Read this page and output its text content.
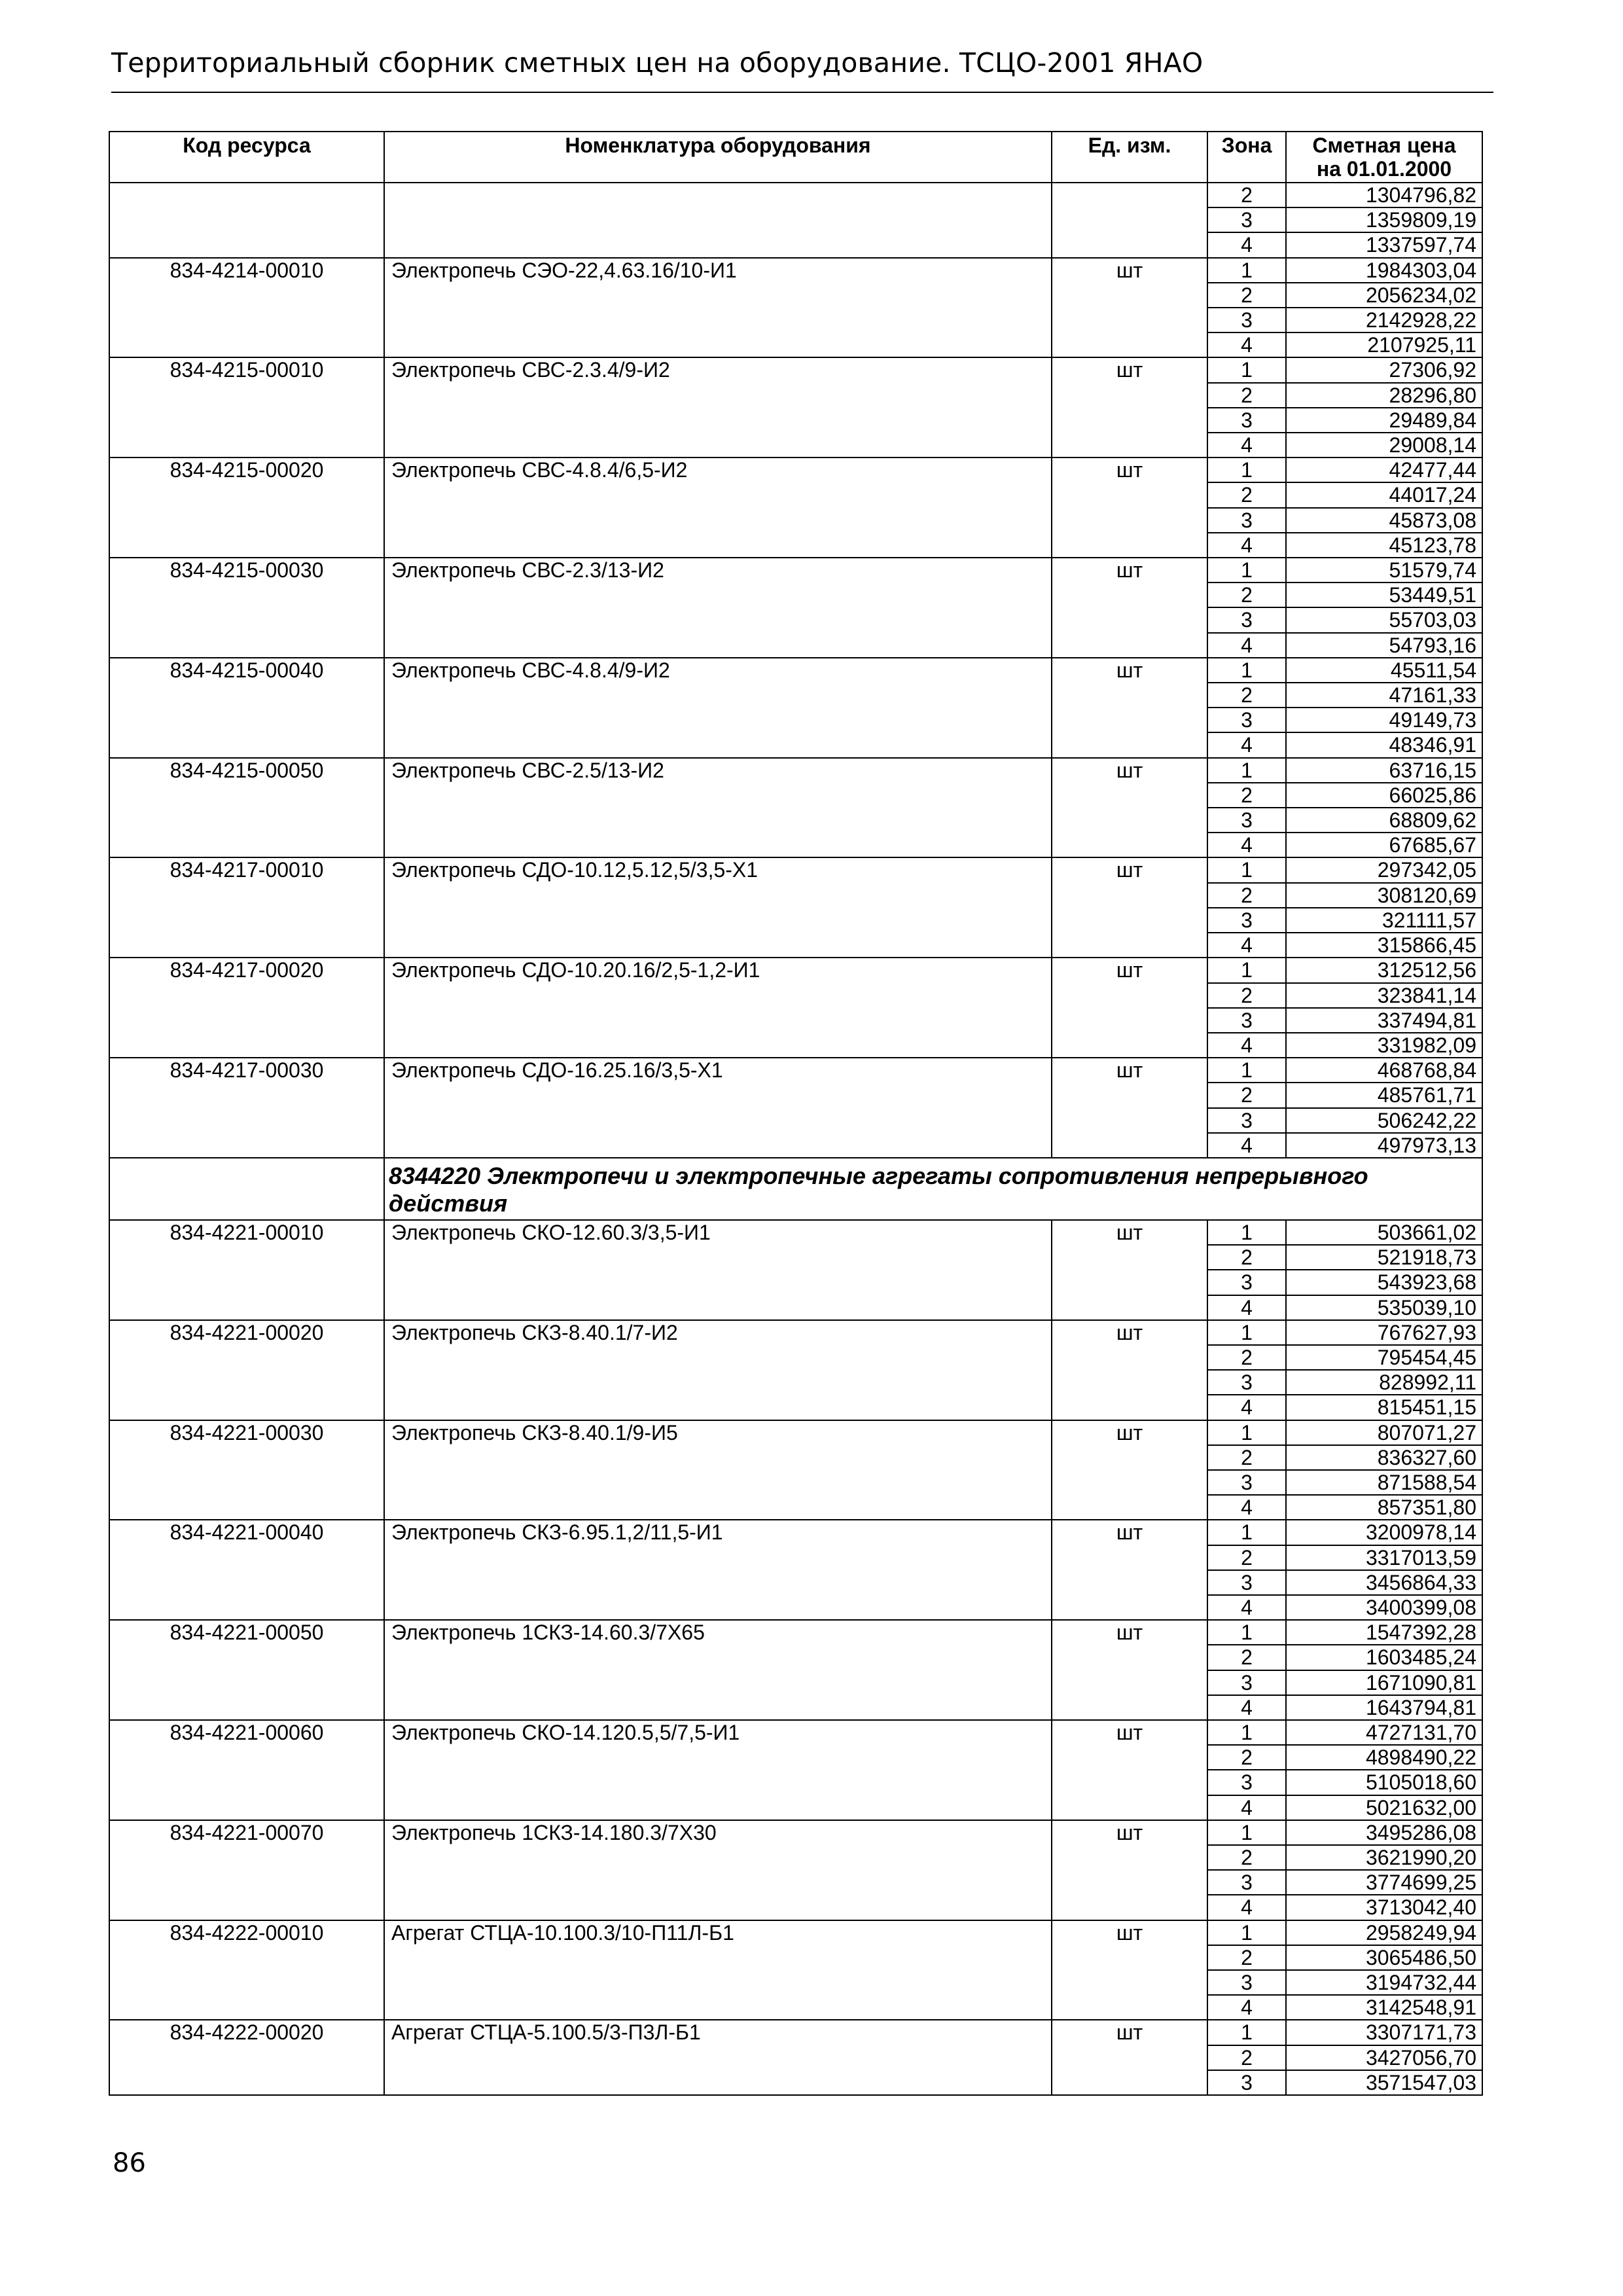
Территориальный сборник сметных цен на оборудование. ТСЦО-2001 ЯНАО
Код ресурса	Номенклатура оборудования	Ед. изм.	Зона	Сметная цена
на 01.01.2000
			2	1304796,82
			3	1359809,19
			4	1337597,74
834-4214-00010	Электропечь СЭО-22,4.63.16/10-И1	шт	1	1984303,04
			2	2056234,02
			3	2142928,22
			4	2107925,11
834-4215-00010	Электропечь СВС-2.3.4/9-И2	шт	1	27306,92
			2	28296,80
			3	29489,84
			4	29008,14
834-4215-00020	Электропечь СВС-4.8.4/6,5-И2	шт	1	42477,44
			2	44017,24
			3	45873,08
			4	45123,78
834-4215-00030	Электропечь СВС-2.3/13-И2	шт	1	51579,74
			2	53449,51
			3	55703,03
			4	54793,16
834-4215-00040	Электропечь СВС-4.8.4/9-И2	шт	1	45511,54
			2	47161,33
			3	49149,73
			4	48346,91
834-4215-00050	Электропечь СВС-2.5/13-И2	шт	1	63716,15
			2	66025,86
			3	68809,62
			4	67685,67
834-4217-00010	Электропечь СДО-10.12,5.12,5/3,5-Х1	шт	1	297342,05
			2	308120,69
			3	321111,57
			4	315866,45
834-4217-00020	Электропечь СДО-10.20.16/2,5-1,2-И1	шт	1	312512,56
			2	323841,14
			3	337494,81
			4	331982,09
834-4217-00030	Электропечь СДО-16.25.16/3,5-Х1	шт	1	468768,84
			2	485761,71
			3	506242,22
			4	497973,13
	8344220 Электропечи и электропечные агрегаты сопротивления непрерывного действия			
834-4221-00010	Электропечь СКО-12.60.3/3,5-И1	шт	1	503661,02
			2	521918,73
			3	543923,68
			4	535039,10
834-4221-00020	Электропечь СКЗ-8.40.1/7-И2	шт	1	767627,93
			2	795454,45
			3	828992,11
			4	815451,15
834-4221-00030	Электропечь СКЗ-8.40.1/9-И5	шт	1	807071,27
			2	836327,60
			3	871588,54
			4	857351,80
834-4221-00040	Электропечь СКЗ-6.95.1,2/11,5-И1	шт	1	3200978,14
			2	3317013,59
			3	3456864,33
			4	3400399,08
834-4221-00050	Электропечь 1СКЗ-14.60.3/7Х65	шт	1	1547392,28
			2	1603485,24
			3	1671090,81
			4	1643794,81
834-4221-00060	Электропечь СКО-14.120.5,5/7,5-И1	шт	1	4727131,70
			2	4898490,22
			3	5105018,60
			4	5021632,00
834-4221-00070	Электропечь 1СКЗ-14.180.3/7Х30	шт	1	3495286,08
			2	3621990,20
			3	3774699,25
			4	3713042,40
834-4222-00010	Агрегат СТЦА-10.100.3/10-П11Л-Б1	шт	1	2958249,94
			2	3065486,50
			3	3194732,44
			4	3142548,91
834-4222-00020	Агрегат СТЦА-5.100.5/3-П3Л-Б1	шт	1	3307171,73
			2	3427056,70
			3	3571547,03
86
